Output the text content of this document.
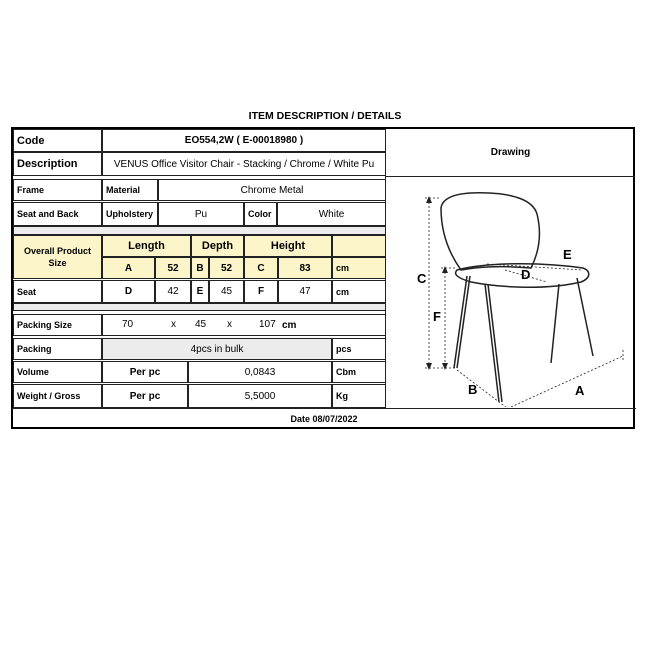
ITEM DESCRIPTION / DETAILS
Code	EO554,2W ( E-00018980 )
Description	VENUS Office Visitor Chair - Stacking / Chrome / White Pu
Drawing
Frame	Material	Chrome Metal
Seat and Back	Upholstery	Pu	Color	White
Overall Product Size
Length	Depth	Height
A	52	B	52	C	83	cm
Seat	D	42	E	45	F	47	cm
Packing Size	70	x 45 x	107 cm
Packing	4pcs in bulk	pcs
Volume	Per pc	0,0843	Cbm
Weight / Gross	Per pc	5,5000	Kg
Date 08/07/2022
C
F
D
E
B	A
